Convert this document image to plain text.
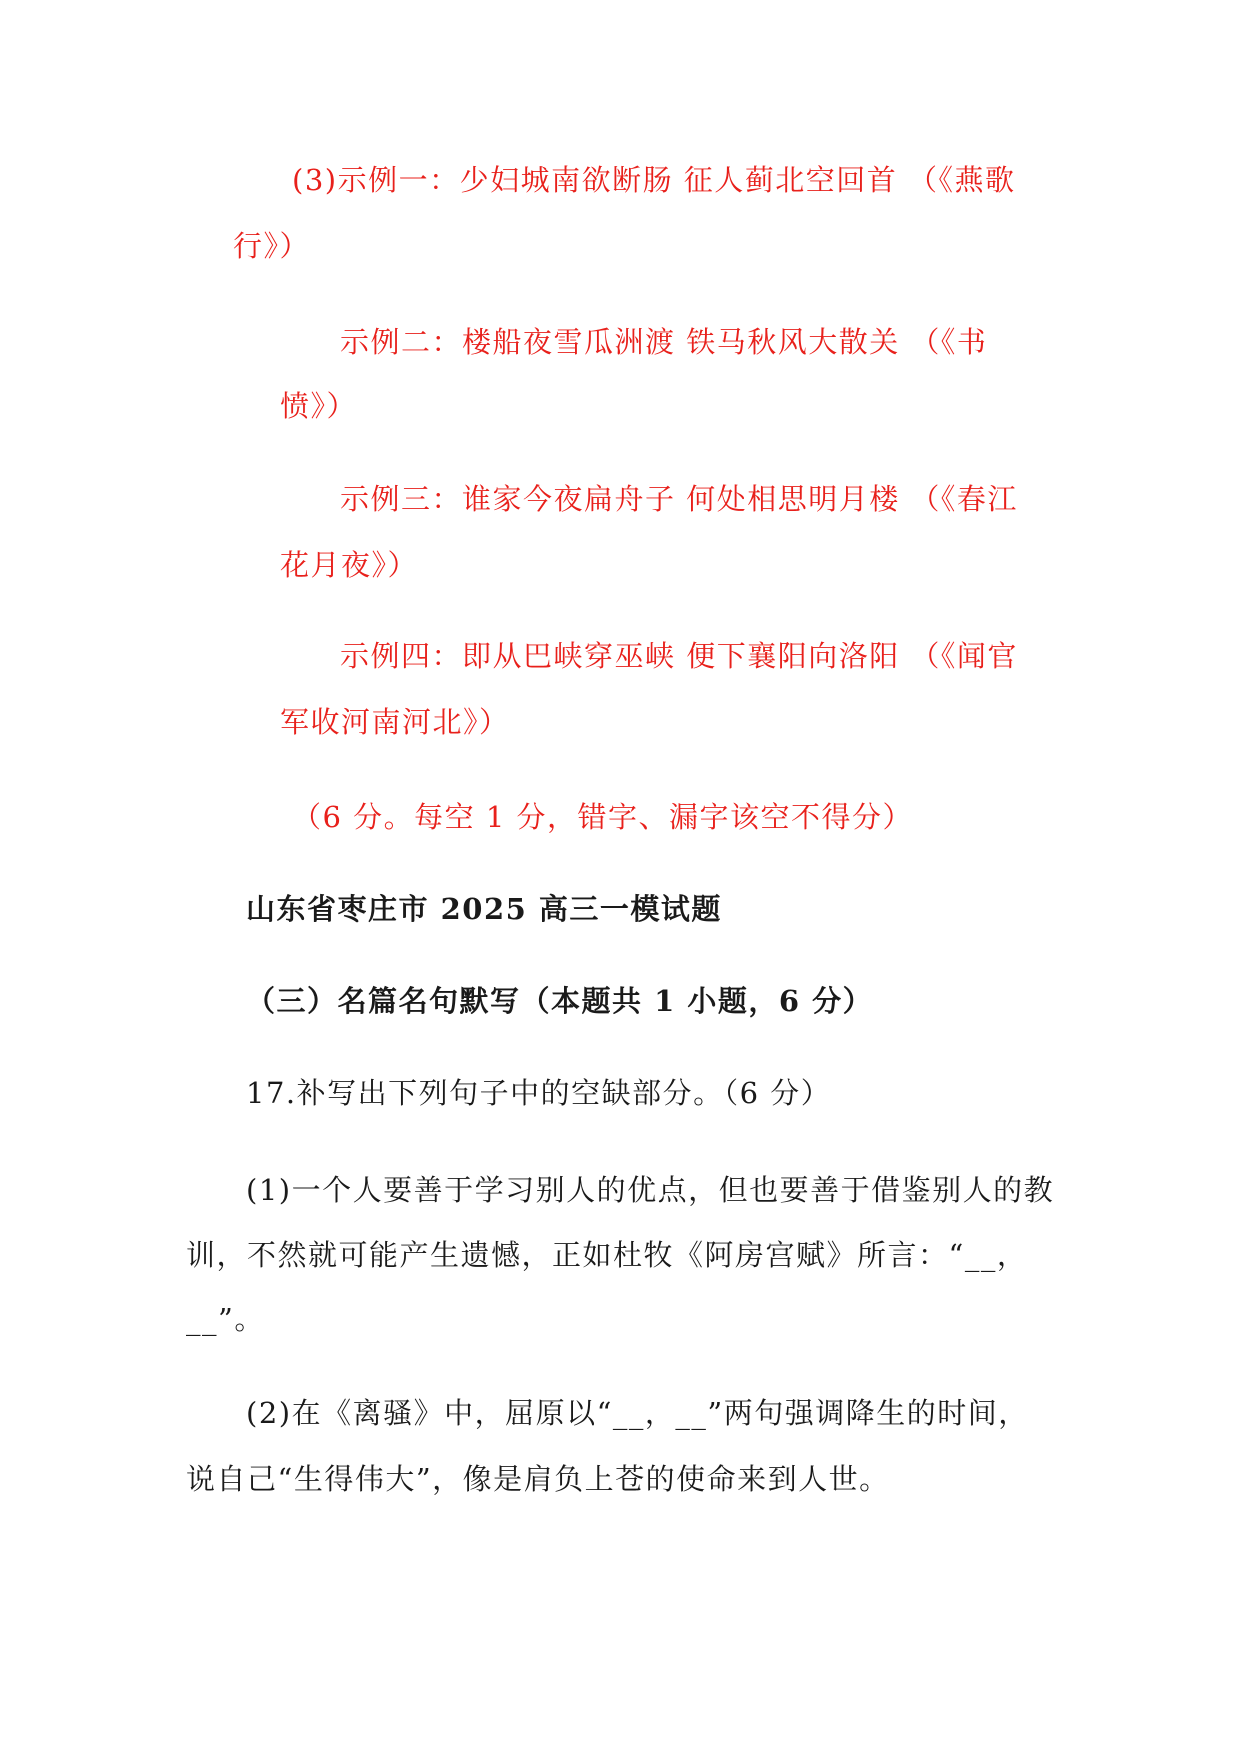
(3)示例一：少妇城南欲断肠 征人蓟北空回首 （《燕歌
行》）
示例二：楼船夜雪瓜洲渡 铁马秋风大散关 （《书
愤》）
示例三：谁家今夜扁舟子 何处相思明月楼 （《春江
花月夜》）
示例四：即从巴峡穿巫峡 便下襄阳向洛阳 （《闻官
军收河南河北》）
（6 分。每空 1 分，错字、漏字该空不得分）
山东省枣庄市 2025 高三一模试题
（三）名篇名句默写（本题共 1 小题，6 分）
17.补写出下列句子中的空缺部分。（6 分）
(1)一个人要善于学习别人的优点，但也要善于借鉴别人的教
训，不然就可能产生遗憾，正如杜牧《阿房宫赋》所言：“__，
__”。
(2)在《离骚》中，屈原以“__，__”两句强调降生的时间，
说自己“生得伟大”，像是肩负上苍的使命来到人世。
